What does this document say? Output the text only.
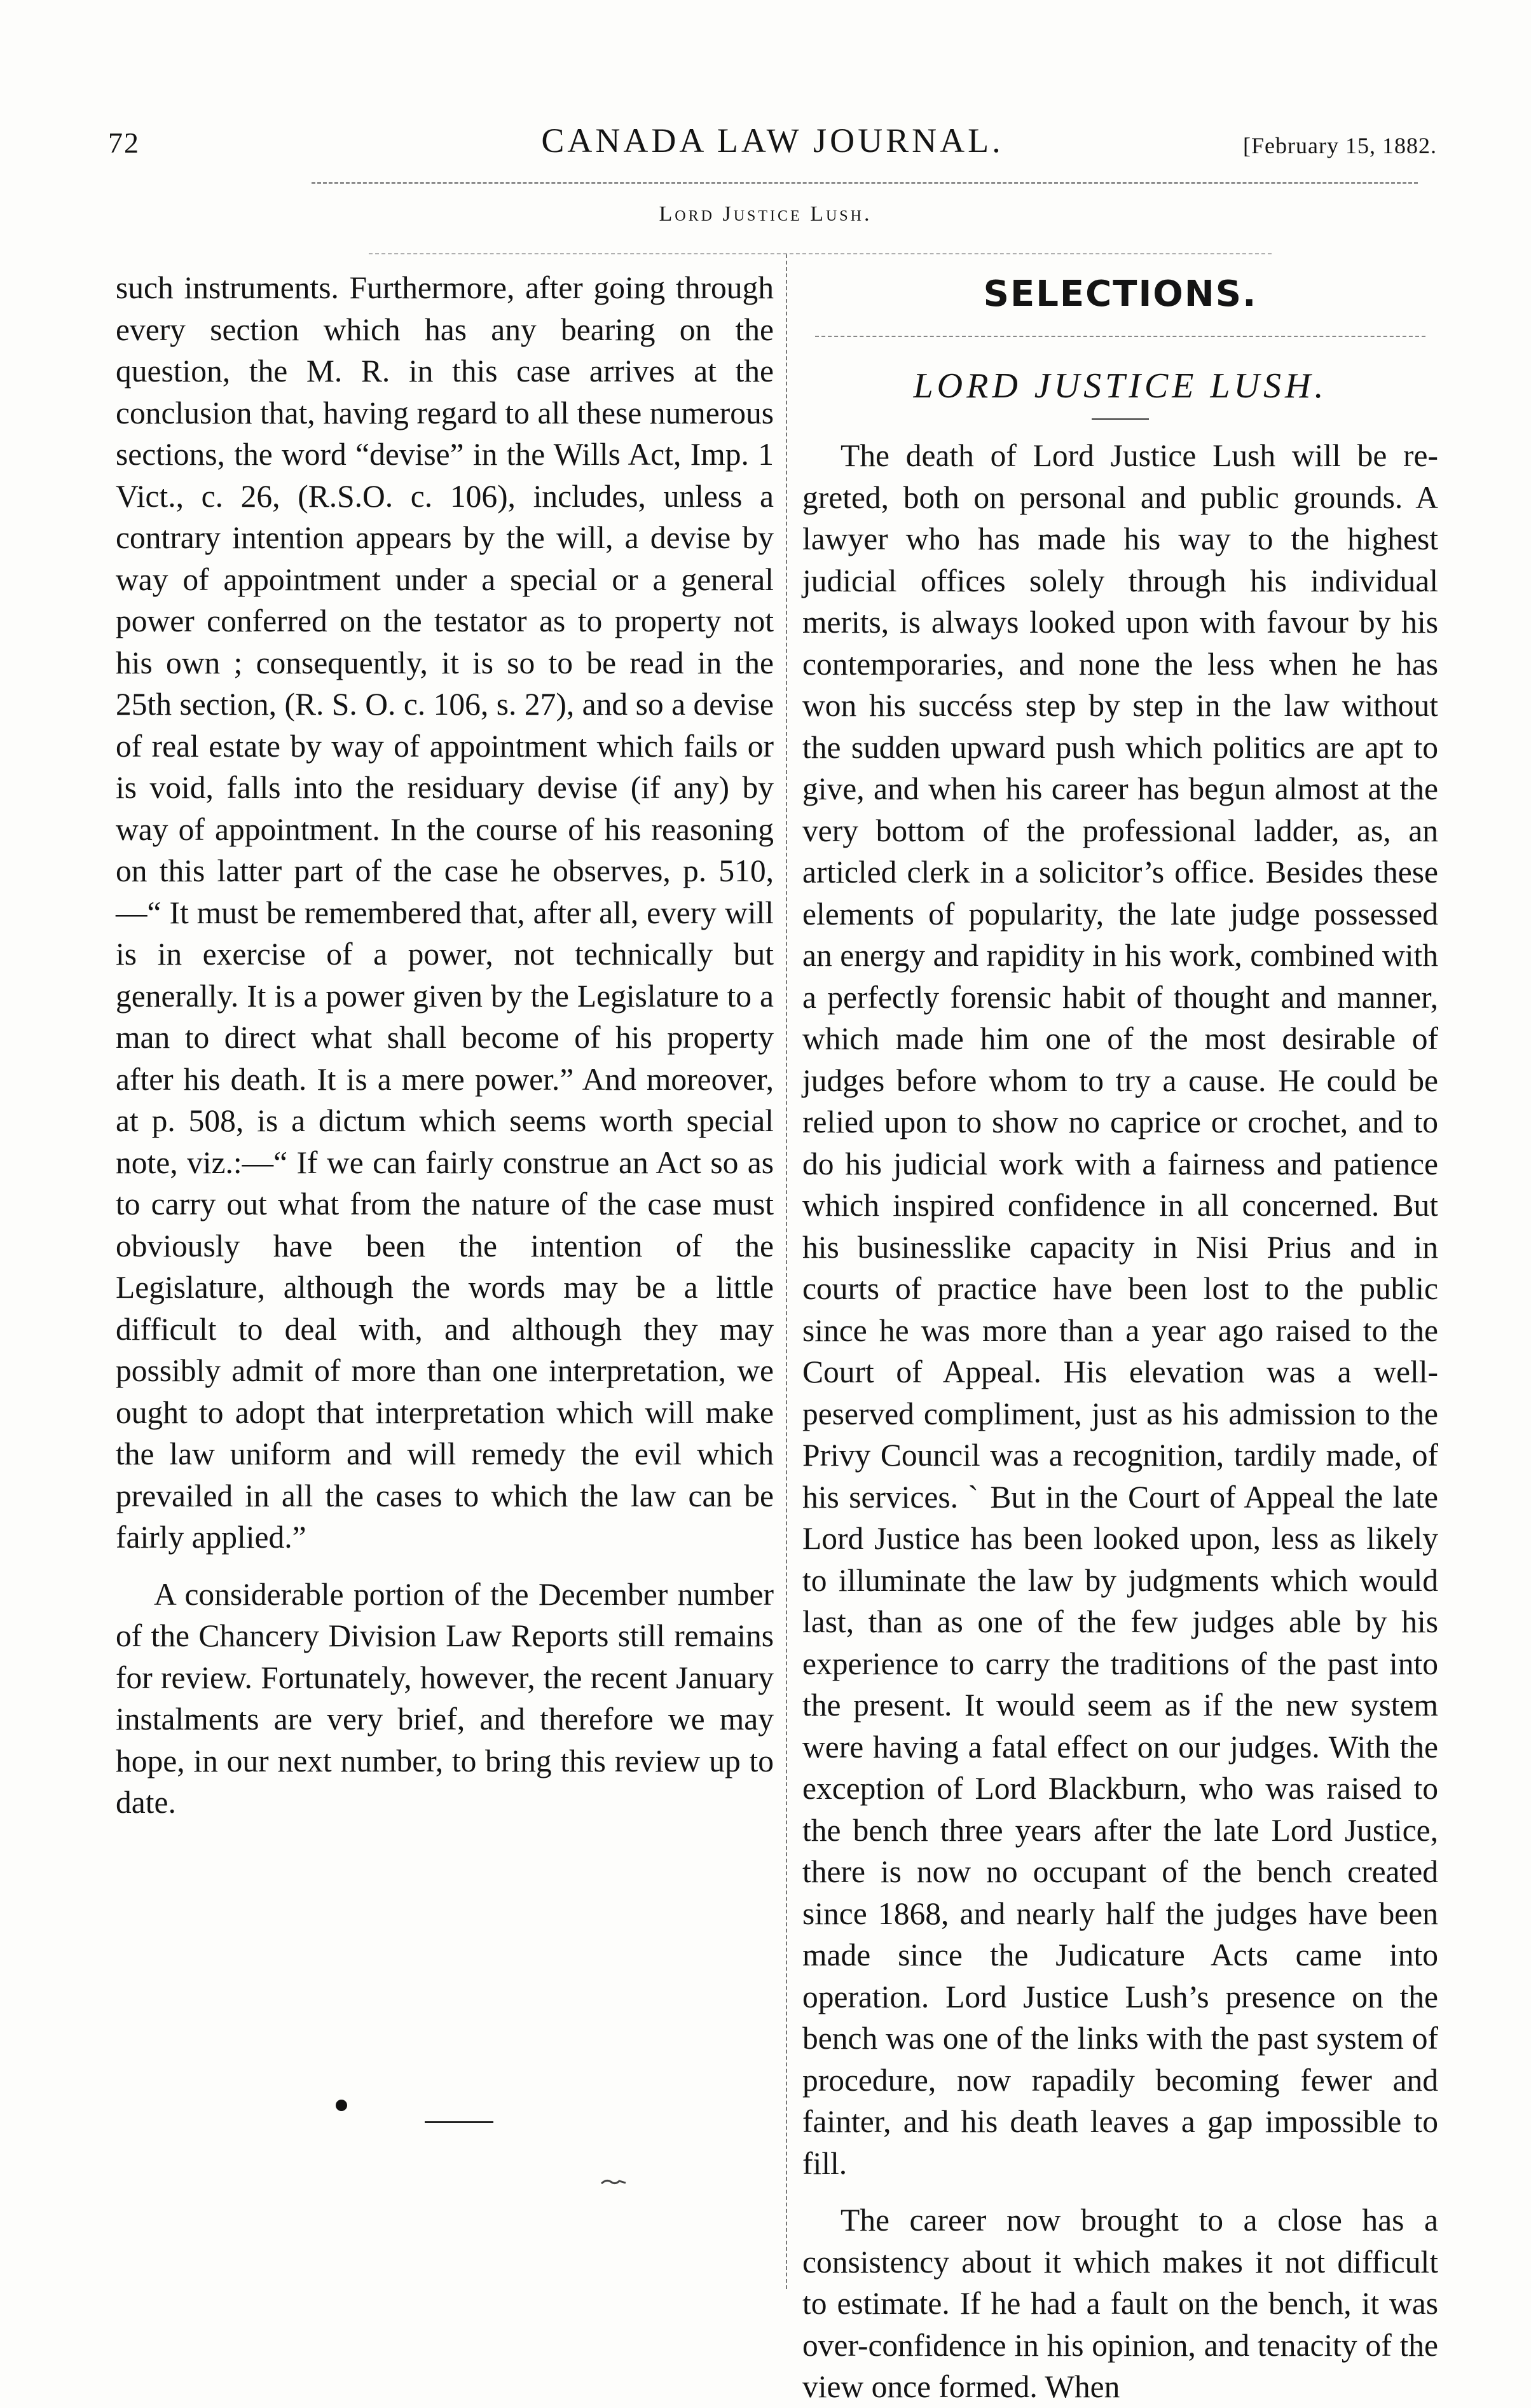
72	CANADA LAW JOURNAL.	[February 15, 1882.
Lord Justice Lush.

such instruments. Furthermore, after going through every section which has any bearing on the question, the M. R. in this case arrives at the conclusion that, having regard to all these numerous sections, the word “devise” in the Wills Act, Imp. 1 Vict., c. 26, (R.S.O. c. 106), includes, unless a contrary intention appears by the will, a devise by way of appointment under a special or a general power conferred on the testator as to property not his own ; consequently, it is so to be read in the 25th section, (R. S. O. c. 106, s. 27), and so a devise of real estate by way of appointment which fails or is void, falls into the residuary devise (if any) by way of appointment. In the course of his reasoning on this latter part of the case he observes, p. 510,—“ It must be remembered that, after all, every will is in exercise of a power, not technically but generally. It is a power given by the Legislature to a man to direct what shall become of his property after his death. It is a mere power.” And moreover, at p. 508, is a dictum which seems worth special note, viz.:—“ If we can fairly construe an Act so as to carry out what from the nature of the case must obviously have been the intention of the Legislature, although the words may be a little difficult to deal with, and although they may possibly admit of more than one interpretation, we ought to adopt that interpretation which will make the law uniform and will remedy the evil which prevailed in all the cases to which the law can be fairly applied.”

A considerable portion of the December number of the Chancery Division Law Reports still remains for review. Fortunately, however, the recent January instalments are very brief, and therefore we may hope, in our next number, to bring this review up to date.

SELECTIONS.
LORD JUSTICE LUSH.

The death of Lord Justice Lush will be regreted, both on personal and public grounds. A lawyer who has made his way to the highest judicial offices solely through his individual merits, is always looked upon with favour by his contemporaries, and none the less when he has won his succéss step by step in the law without the sudden upward push which politics are apt to give, and when his career has begun almost at the very bottom of the professional ladder, as, an articled clerk in a solicitor’s office. Besides these elements of popularity, the late judge possessed an energy and rapidity in his work, combined with a perfectly forensic habit of thought and manner, which made him one of the most desirable of judges before whom to try a cause. He could be relied upon to show no caprice or crochet, and to do his judicial work with a fairness and patience which inspired confidence in all concerned. But his businesslike capacity in Nisi Prius and in courts of practice have been lost to the public since he was more than a year ago raised to the Court of Appeal. His elevation was a well-peserved compliment, just as his admission to the Privy Council was a recognition, tardily made, of his services. ˋ But in the Court of Appeal the late Lord Justice has been looked upon, less as likely to illuminate the law by judgments which would last, than as one of the few judges able by his experience to carry the traditions of the past into the present. It would seem as if the new system were having a fatal effect on our judges. With the exception of Lord Blackburn, who was raised to the bench three years after the late Lord Justice, there is now no occupant of the bench created since 1868, and nearly half the judges have been made since the Judicature Acts came into operation. Lord Justice Lush’s presence on the bench was one of the links with the past system of procedure, now rapadily becoming fewer and fainter, and his death leaves a gap impossible to fill.

The career now brought to a close has a consistency about it which makes it not difficult to estimate. If he had a fault on the bench, it was over-confidence in his opinion, and tenacity of the view once formed. When
